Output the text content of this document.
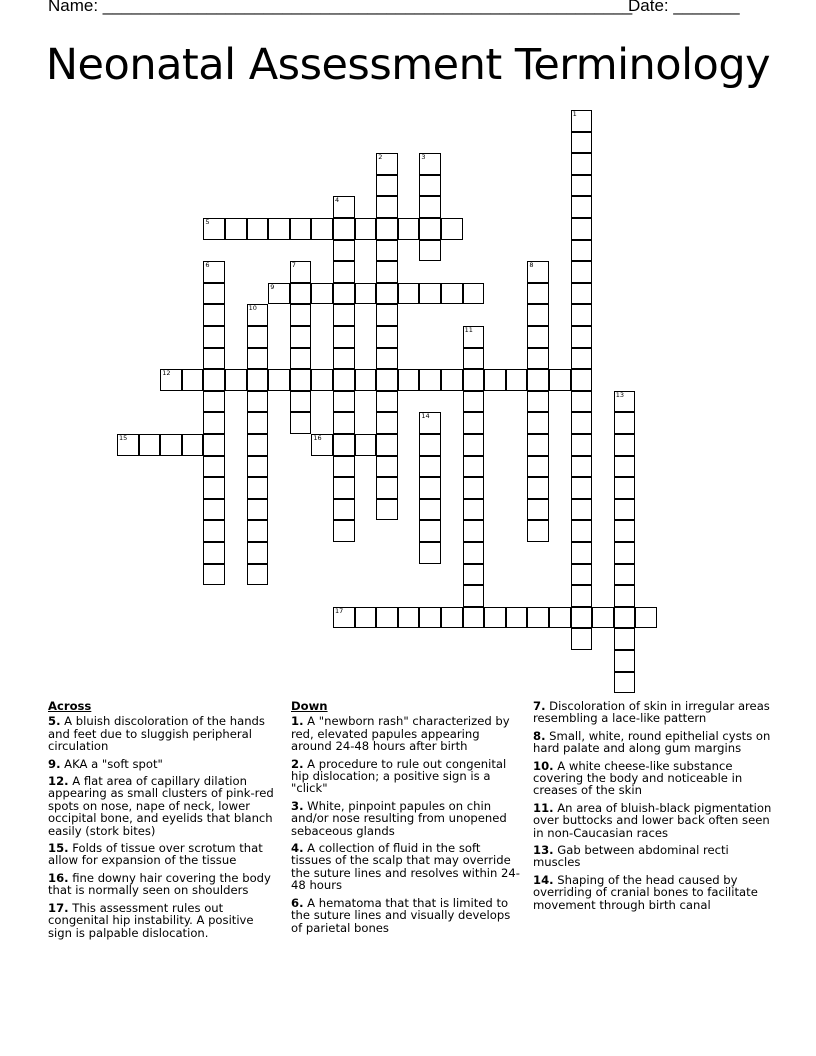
Name: ________________________________________________________
Date: _______
Neonatal Assessment Terminology
1
2	3
4
5
6	7	8
9
10
11
12
13
14
15	16
17
Across

5. A bluish discoloration of the hands and feet due to sluggish peripheral circulation

9. AKA a "soft spot"

12. A flat area of capillary dilation appearing as small clusters of pink-red spots on nose, nape of neck, lower occipital bone, and eyelids that blanch easily (stork bites)

15. Folds of tissue over scrotum that allow for expansion of the tissue

16. fine downy hair covering the body that is normally seen on shoulders

17. This assessment rules out congenital hip instability. A positive sign is palpable dislocation.

Down

1. A "newborn rash" characterized by red, elevated papules appearing around 24-48 hours after birth

2. A procedure to rule out congenital hip dislocation; a positive sign is a "click"

3. White, pinpoint papules on chin and/or nose resulting from unopened sebaceous glands

4. A collection of fluid in the soft tissues of the scalp that may override the suture lines and resolves within 24-48 hours

6. A hematoma that that is limited to the suture lines and visually develops of parietal bones

7. Discoloration of skin in irregular areas resembling a lace-like pattern

8. Small, white, round epithelial cysts on hard palate and along gum margins

10. A white cheese-like substance covering the body and noticeable in creases of the skin

11. An area of bluish-black pigmentation over buttocks and lower back often seen in non-Caucasian races

13. Gab between abdominal recti muscles

14. Shaping of the head caused by overriding of cranial bones to facilitate movement through birth canal
